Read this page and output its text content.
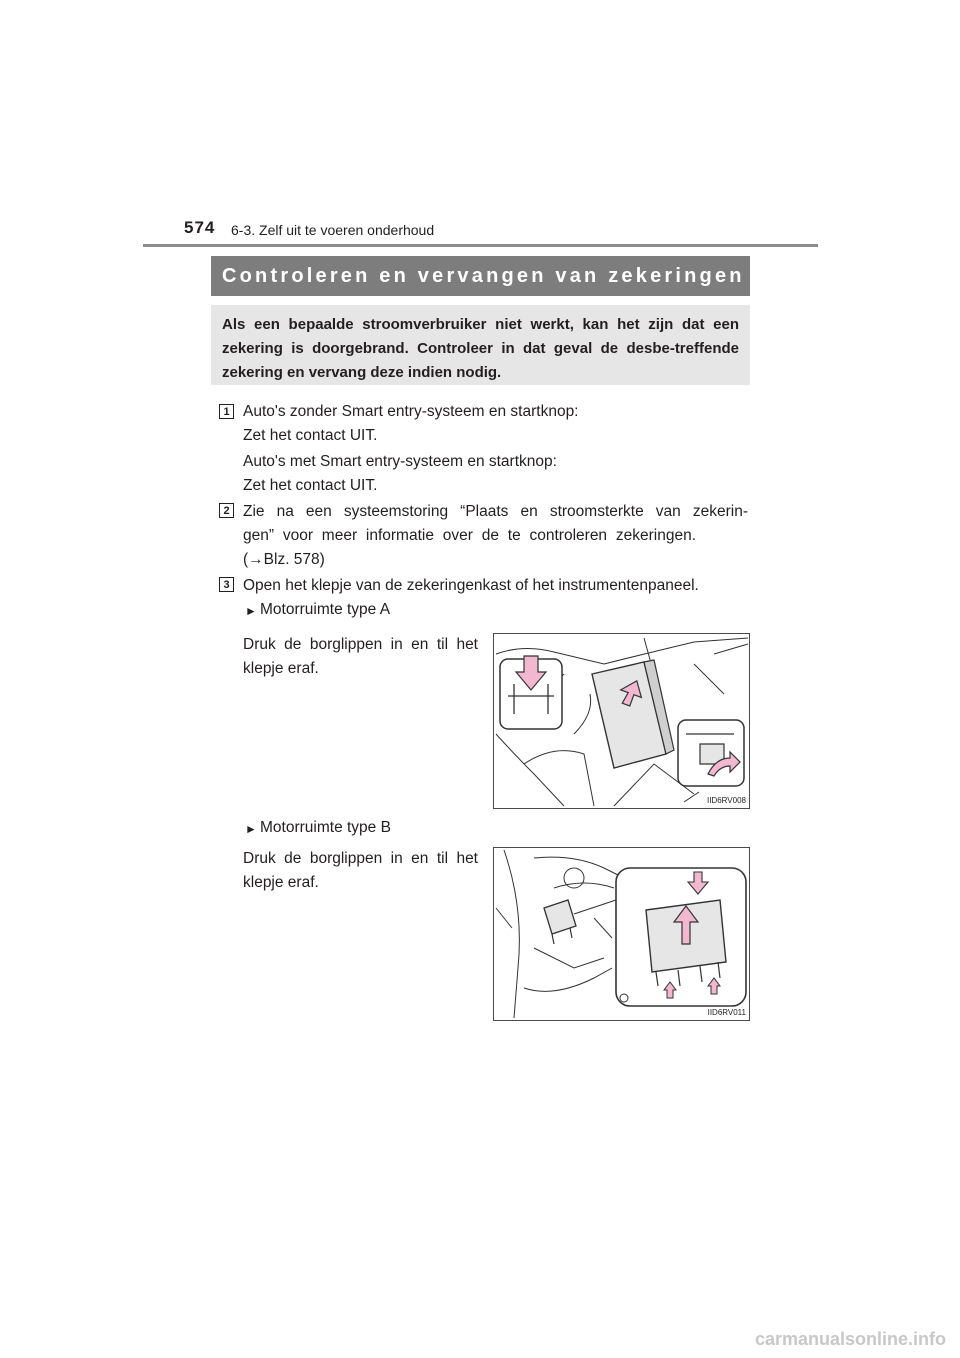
574 6-3. Zelf uit te voeren onderhoud
Controleren en vervangen van zekeringen
Als een bepaalde stroomverbruiker niet werkt, kan het zijn dat een zekering is doorgebrand. Controleer in dat geval de desbe-treffende zekering en vervang deze indien nodig.
1 Auto's zonder Smart entry-systeem en startknop:
Zet het contact UIT.
Auto's met Smart entry-systeem en startknop:
Zet het contact UIT.
2 Zie na een systeemstoring “Plaats en stroomsterkte van zekerin-
gen” voor meer informatie over de te controleren zekeringen.
(→Blz. 578)
3 Open het klepje van de zekeringenkast of het instrumentenpaneel.
► Motorruimte type A
Druk de borglippen in en til het
klepje eraf.
IID6RV008
► Motorruimte type B
Druk de borglippen in en til het
klepje eraf.
IID6RV011
carmanualsonline.info
